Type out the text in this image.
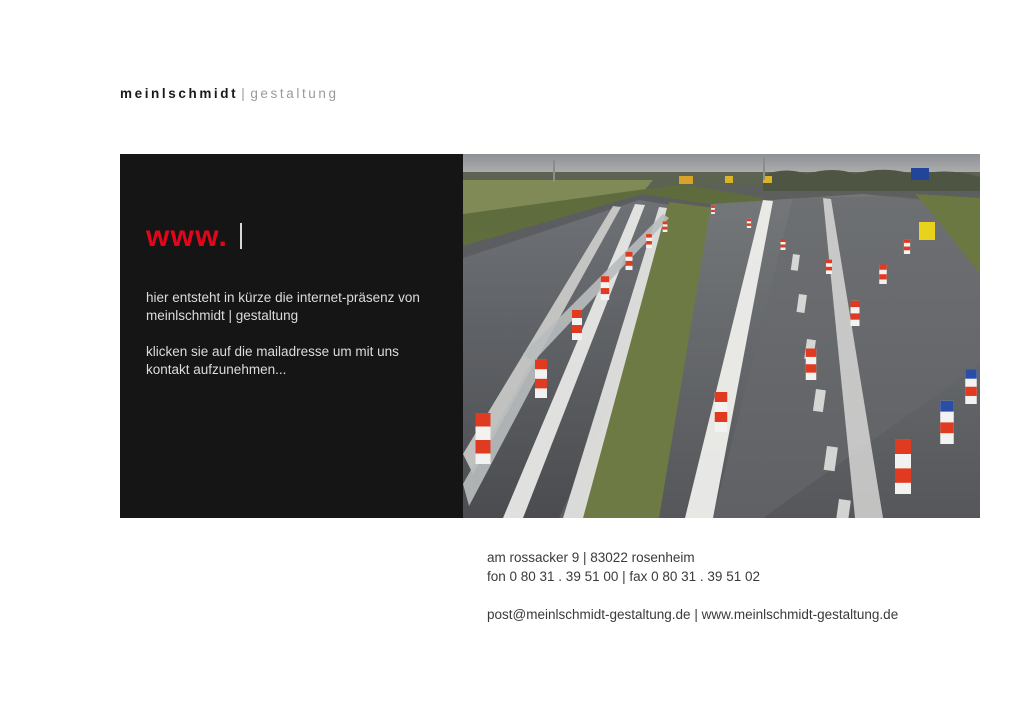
meinlschmidt | gestaltung
www.
hier entsteht in kürze die internet-präsenz von meinlschmidt | gestaltung
klicken sie auf die mailadresse um mit uns kontakt aufzunehmen...
am rossacker 9 | 83022 rosenheim
fon 0 80 31 . 39 51 00 | fax 0 80 31 . 39 51 02
post@meinlschmidt-gestaltung.de | www.meinlschmidt-gestaltung.de
